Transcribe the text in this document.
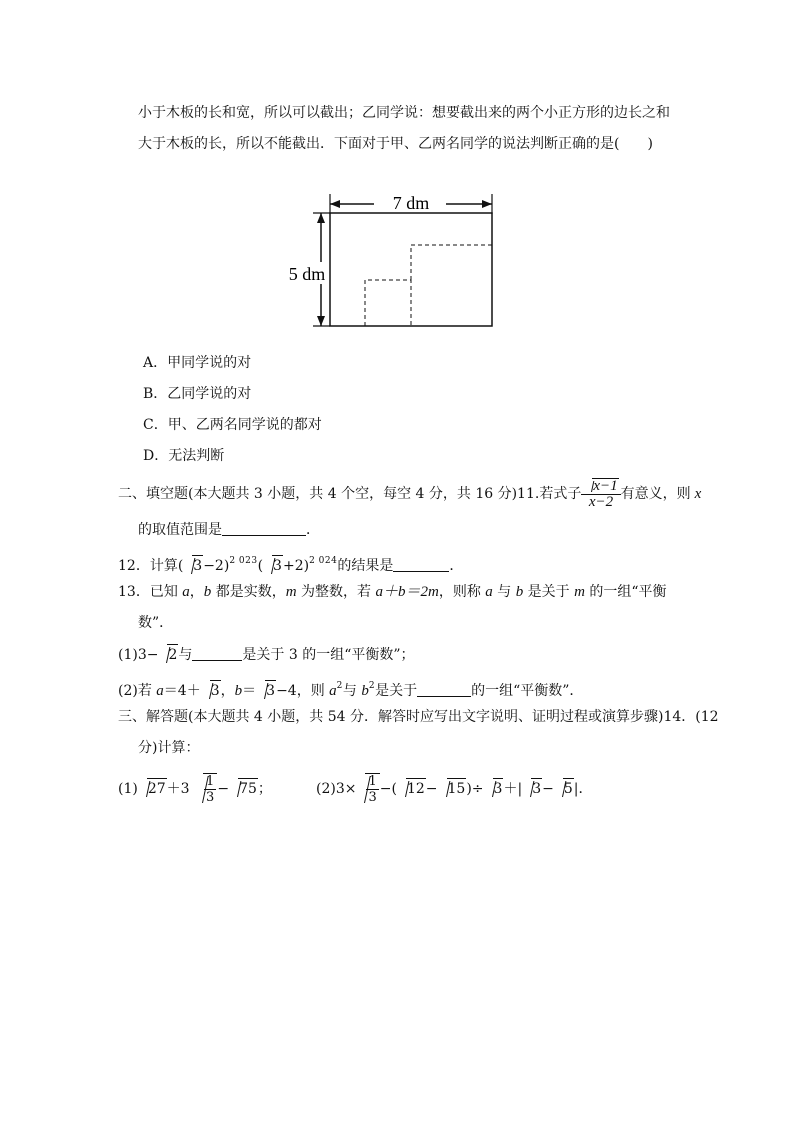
小于木板的长和宽，所以可以截出；乙同学说：想要截出来的两个小正方形的边长之和
大于木板的长，所以不能截出．下面对于甲、乙两名同学的说法判断正确的是(　　)
7 dm
5 dm
A．甲同学说的对
B．乙同学说的对
C．甲、乙两名同学说的都对
D．无法判断
二、填空题(本大题共 3 小题，共 4 个空，每空 4 分，共 16 分)11.若式子 $\frac{x-1}{x-2}$ 有意义，则 x
的取值范围是	．
12．计算( 3−2)$^{2 023}$( 3+2)$^{2 024}$的结果是	．
13．已知 a，b 都是实数，m 为整数，若 a＋b＝2m，则称 a 与 b 是关于 m 的一组“平衡
数”．
(1)3− 2与	是关于 3 的一组“平衡数”；
(2)若 a＝4＋ 3，b＝ 3−4，则 $a^2$与 $b^2$是关于	的一组“平衡数”．
三、解答题(本大题共 4 小题，共 54 分．解答时应写出文字说明、证明过程或演算步骤)14．(12
分)计算：
(1) $27+3 \frac{1}{3} - 75$；	$(2)3\times \frac{1}{3}$ −( 12− 15)÷ 3＋| 3− 5|．
